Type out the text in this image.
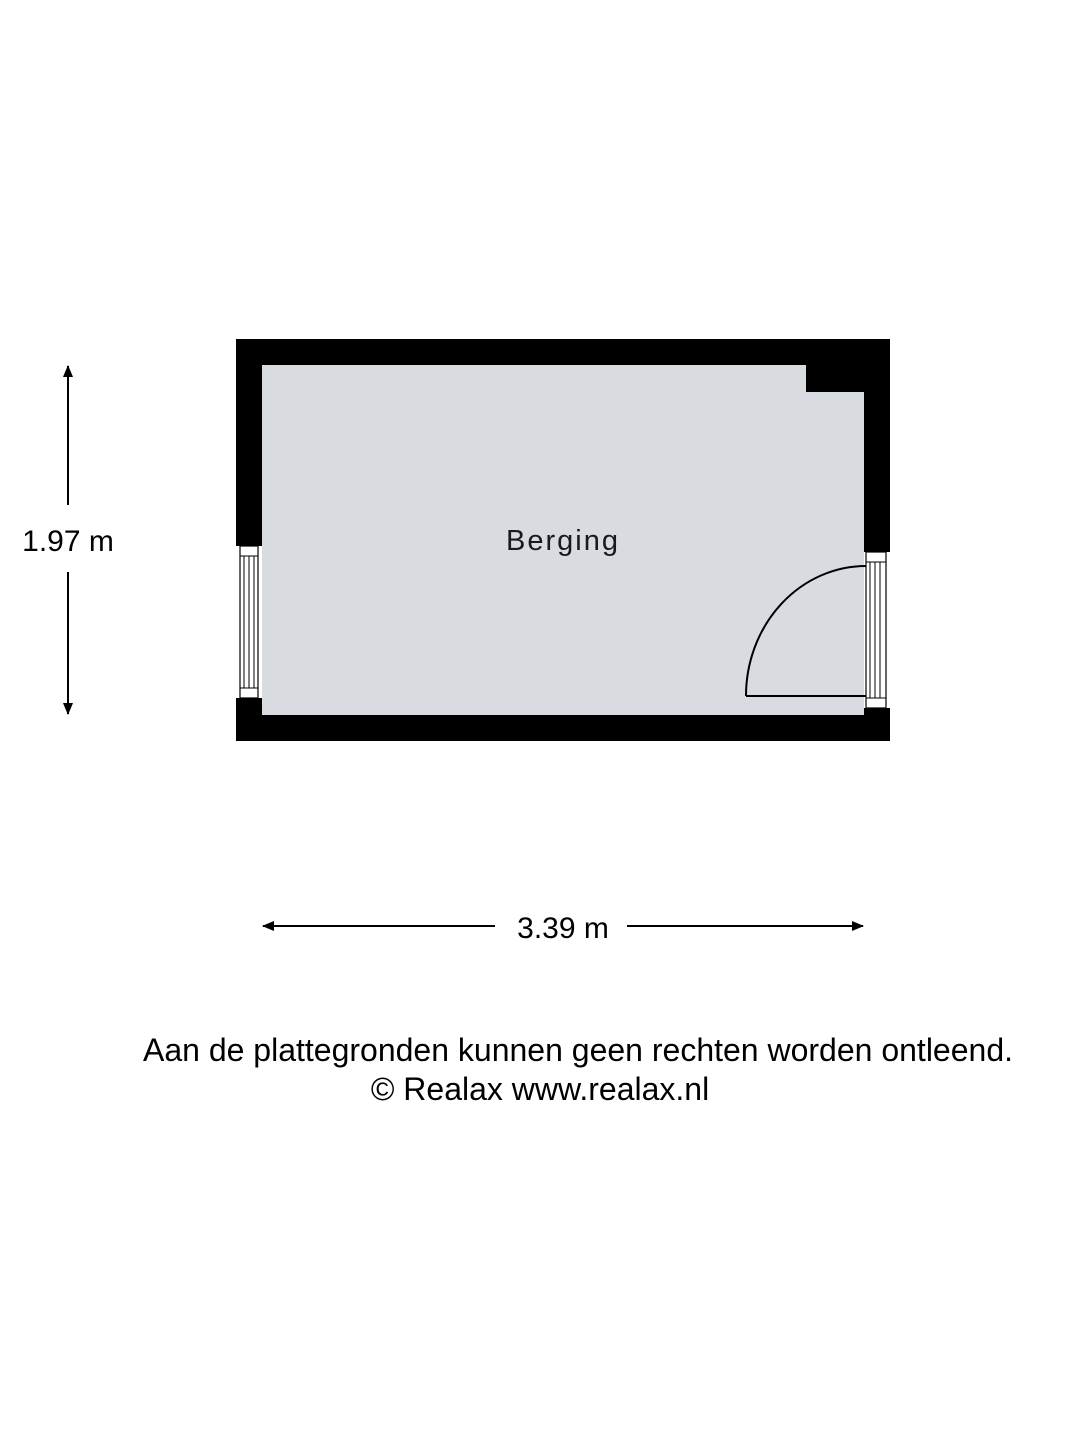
Berging
1.97 m
3.39 m

Aan de plattegronden kunnen geen rechten worden ontleend.

© Realax www.realax.nl
